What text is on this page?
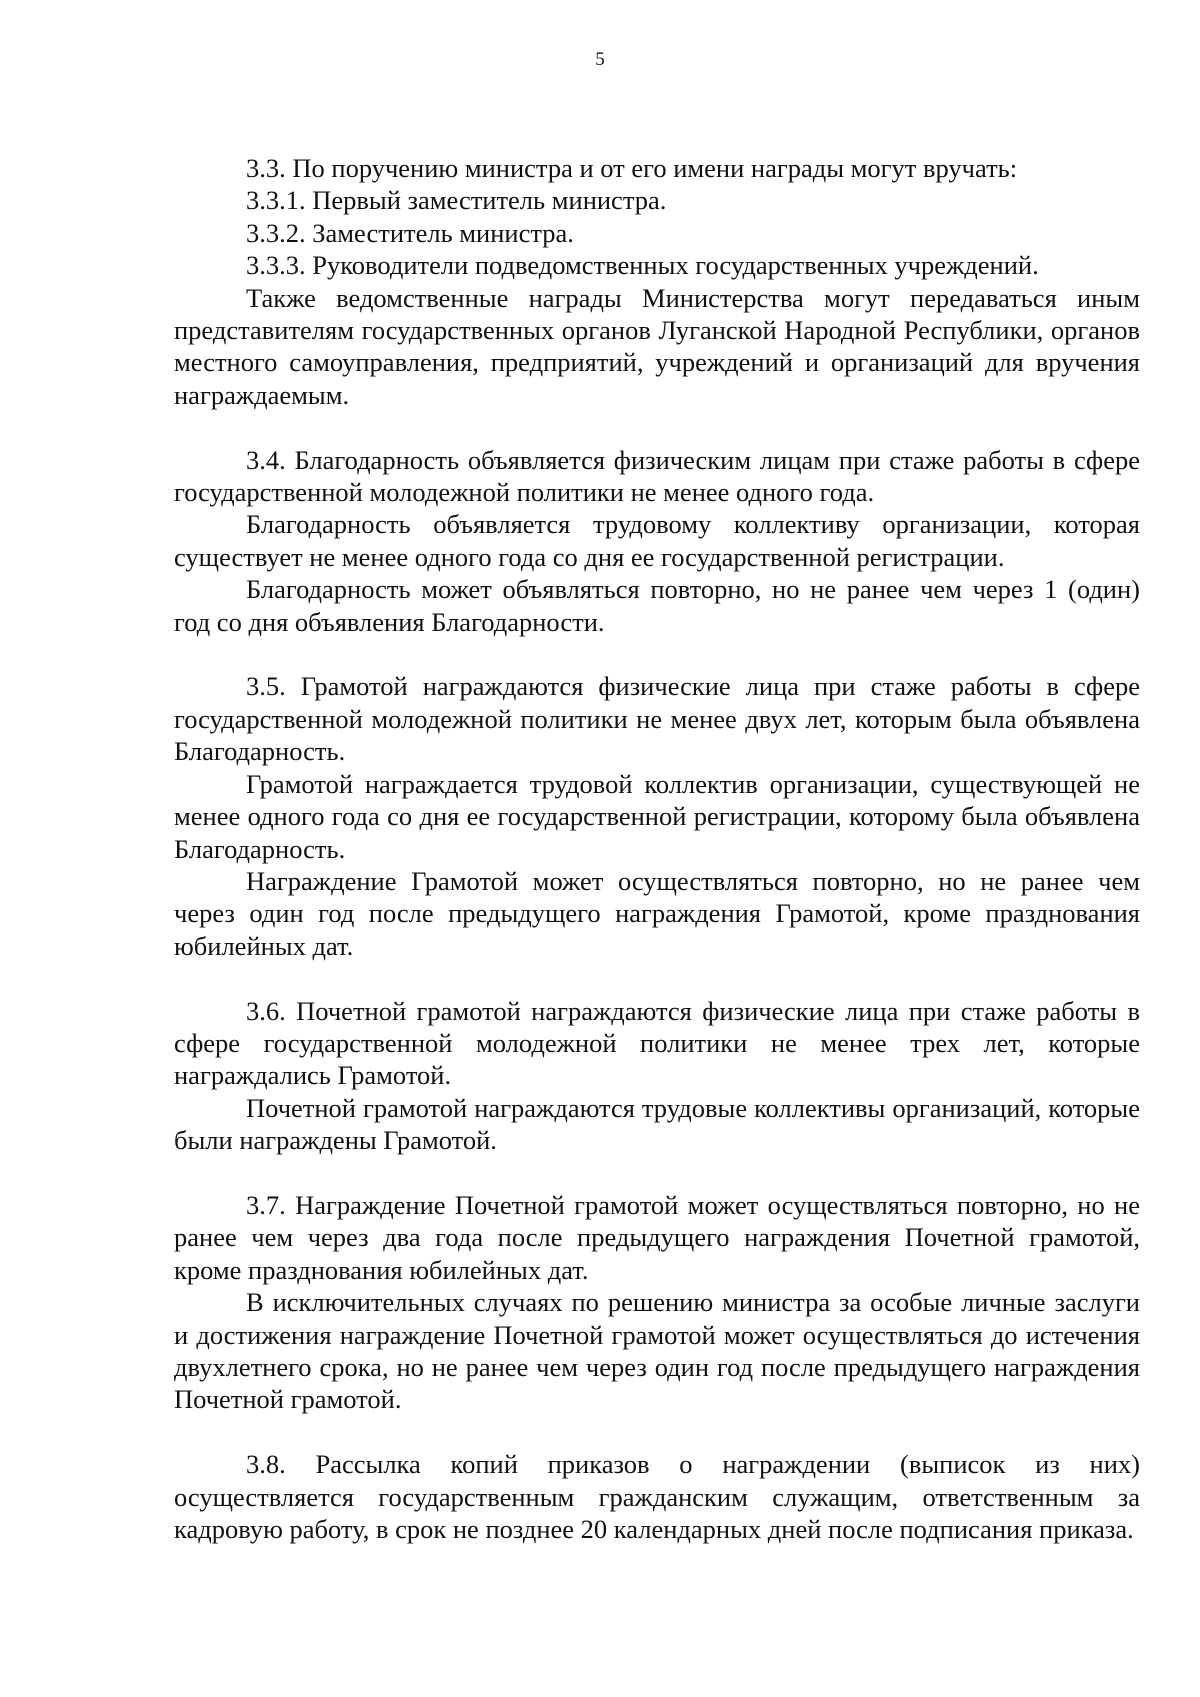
5

3.3. По поручению министра и от его имени награды могут вручать:

3.3.1. Первый заместитель министра.

3.3.2. Заместитель министра.

3.3.3. Руководители подведомственных государственных учреждений.

Также ведомственные награды Министерства могут передаваться иным представителям государственных органов Луганской Народной Республики, органов местного самоуправления, предприятий, учреждений и организаций для вручения награждаемым.

3.4. Благодарность объявляется физическим лицам при стаже работы в сфере государственной молодежной политики не менее одного года.

Благодарность объявляется трудовому коллективу организации, которая существует не менее одного года со дня ее государственной регистрации.

Благодарность может объявляться повторно, но не ранее чем через 1 (один) год со дня объявления Благодарности.

3.5. Грамотой награждаются физические лица при стаже работы в сфере государственной молодежной политики не менее двух лет, которым была объявлена Благодарность.

Грамотой награждается трудовой коллектив организации, существующей не менее одного года со дня ее государственной регистрации, которому была объявлена Благодарность.

Награждение Грамотой может осуществляться повторно, но не ранее чем через один год после предыдущего награждения Грамотой, кроме празднования юбилейных дат.

3.6. Почетной грамотой награждаются физические лица при стаже работы в сфере государственной молодежной политики не менее трех лет, которые награждались Грамотой.

Почетной грамотой награждаются трудовые коллективы организаций, которые были награждены Грамотой.

3.7. Награждение Почетной грамотой может осуществляться повторно, но не ранее чем через два года после предыдущего награждения Почетной грамотой, кроме празднования юбилейных дат.

В исключительных случаях по решению министра за особые личные заслуги и достижения награждение Почетной грамотой может осуществляться до истечения двухлетнего срока, но не ранее чем через один год после предыдущего награждения Почетной грамотой.

3.8. Рассылка копий приказов о награждении (выписок из них) осуществляется государственным гражданским служащим, ответственным за кадровую работу, в срок не позднее 20 календарных дней после подписания приказа.
